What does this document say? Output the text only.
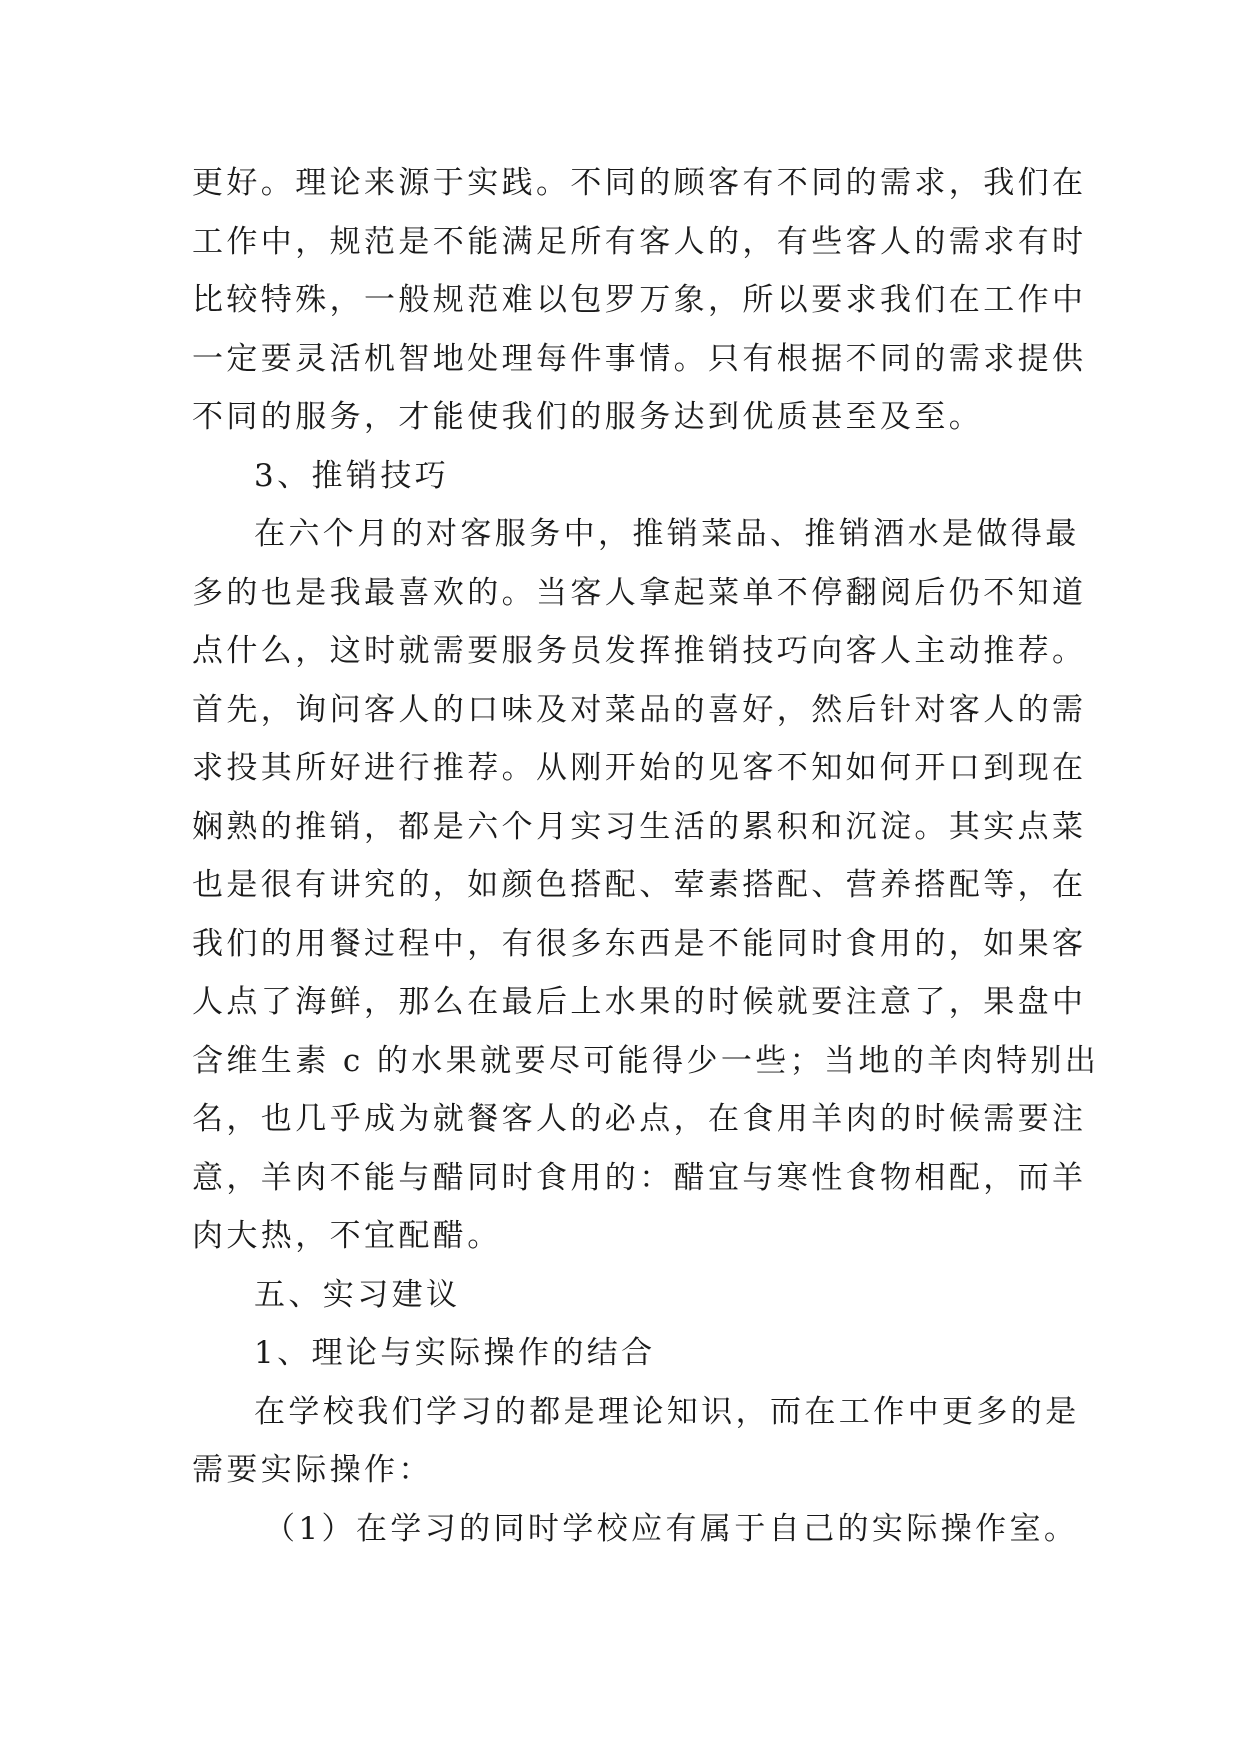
更好。理论来源于实践。不同的顾客有不同的需求，我们在
工作中，规范是不能满足所有客人的，有些客人的需求有时
比较特殊，一般规范难以包罗万象，所以要求我们在工作中
一定要灵活机智地处理每件事情。只有根据不同的需求提供
不同的服务，才能使我们的服务达到优质甚至及至。
3、推销技巧
在六个月的对客服务中，推销菜品、推销酒水是做得最
多的也是我最喜欢的。当客人拿起菜单不停翻阅后仍不知道
点什么，这时就需要服务员发挥推销技巧向客人主动推荐。
首先，询问客人的口味及对菜品的喜好，然后针对客人的需
求投其所好进行推荐。从刚开始的见客不知如何开口到现在
娴熟的推销，都是六个月实习生活的累积和沉淀。其实点菜
也是很有讲究的，如颜色搭配、荤素搭配、营养搭配等，在
我们的用餐过程中，有很多东西是不能同时食用的，如果客
人点了海鲜，那么在最后上水果的时候就要注意了，果盘中
含维生素 c 的水果就要尽可能得少一些；当地的羊肉特别出
名，也几乎成为就餐客人的必点，在食用羊肉的时候需要注
意，羊肉不能与醋同时食用的：醋宜与寒性食物相配，而羊
肉大热，不宜配醋。
五、实习建议
1、理论与实际操作的结合
在学校我们学习的都是理论知识，而在工作中更多的是
需要实际操作：
（1）在学习的同时学校应有属于自己的实际操作室。
